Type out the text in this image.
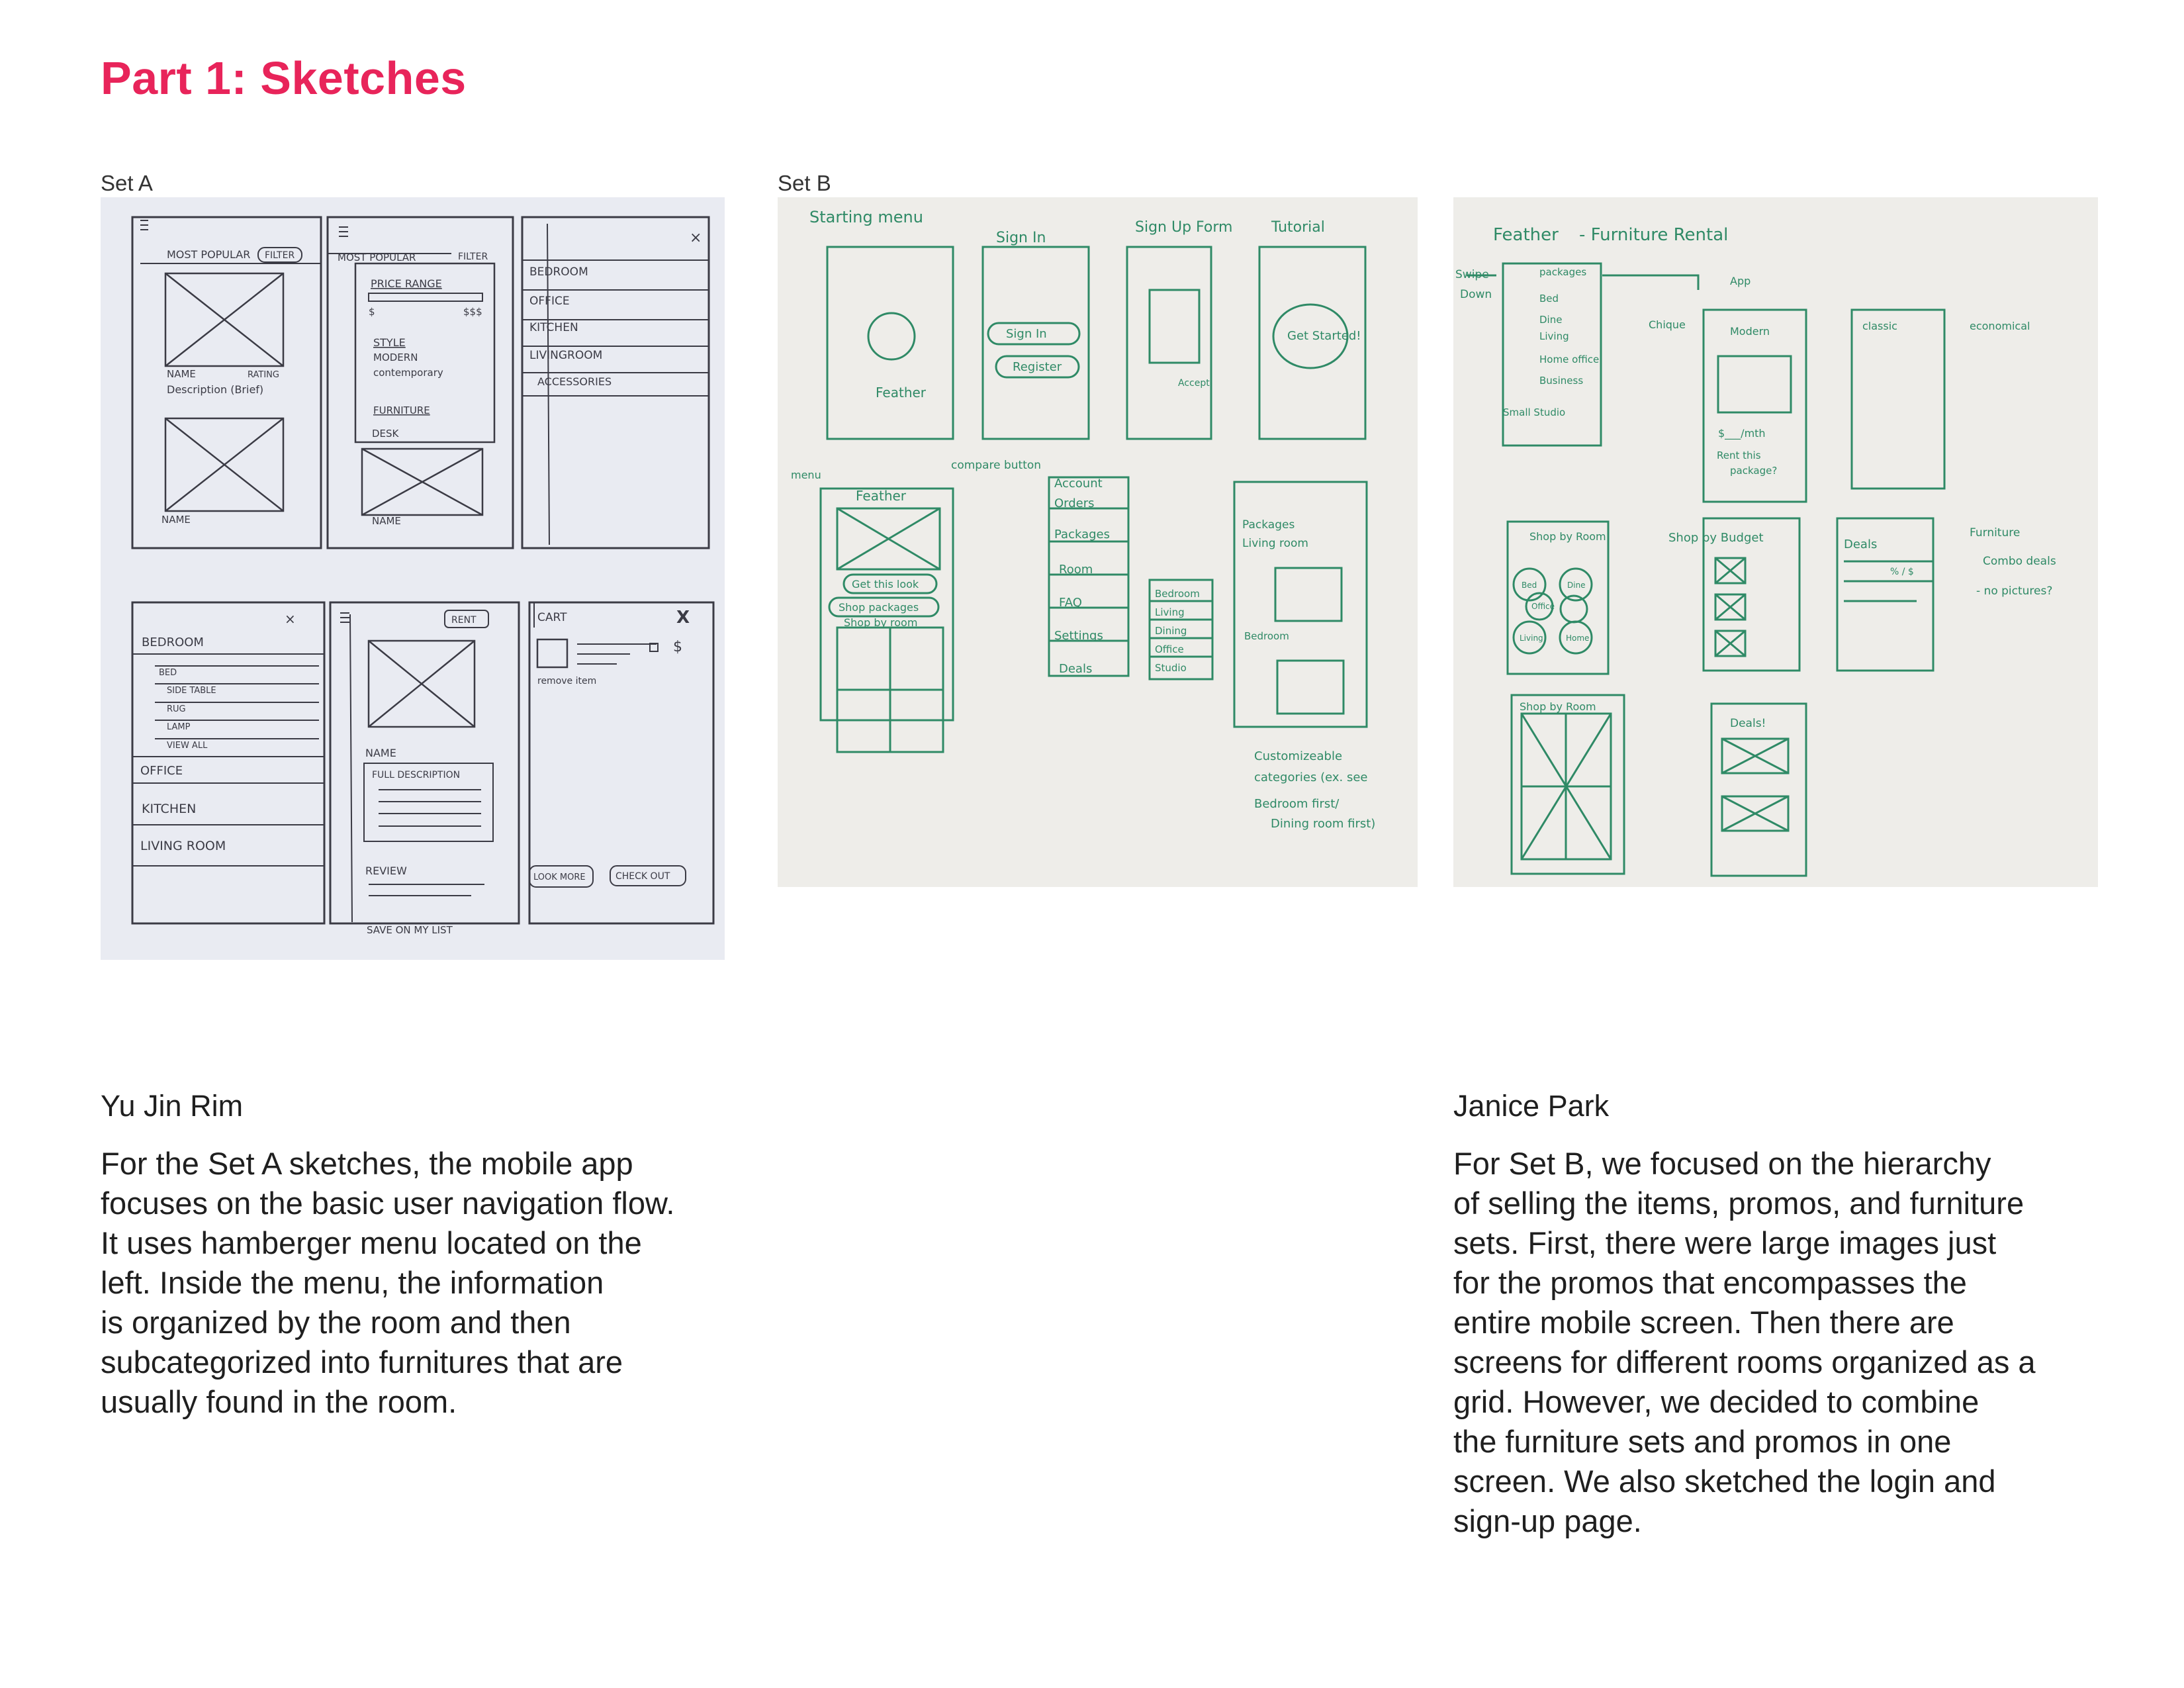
Part 1: Sketches
Set A	Set B
MOST POPULAR FILTER
NAME	RATING
Description (Brief)
NAME
MOST POPULAR	FILTER
PRICE RANGE
$	$$$
STYLE
MODERN
contemporary
FURNITURE
DESK
NAME
×
BEDROOM
OFFICE
KITCHEN
LIVINGROOM
ACCESSORIES
×
BEDROOM
BED
SIDE TABLE
RUG
LAMP
VIEW ALL
OFFICE
KITCHEN
LIVING ROOM
RENT
NAME
FULL DESCRIPTION
REVIEW
SAVE ON MY LIST
CART	X
$
remove item
LOOK MORE	CHECK OUT
Starting menu
Feather
Sign In
Sign In
Register
Sign Up Form
Accept
Tutorial
Get Started!
menu
compare button
Feather
Get this look
Shop packages
Shop by room
Account
Orders
Packages
Room
FAQ
Settings
Deals
Bedroom
Living
Dining
Office
Studio
Packages
Living room
Bedroom
Customizeable
categories (ex. see
Bedroom first/
Dining room first)
Feather - Furniture Rental
Swipe
Down
packages
Bed
Dine
Living
Home office
Business
Small Studio
App
Chique
Modern	classic	economical
$___/mth
Rent this
package?
Shop by Room
Bed	Dine
Office
Living	Home
Shop by Budget	Deals
% / $
Furniture
Combo deals
- no pictures?
Shop by Room
Deals!
Yu Jin Rim
For the Set A sketches, the mobile app
focuses on the basic user navigation flow.
It uses hamberger menu located on the
left. Inside the menu, the information
is organized by the room and then
subcategorized into furnitures that are
usually found in the room.
Janice Park
For Set B, we focused on the hierarchy
of selling the items, promos, and furniture
sets. First, there were large images just
for the promos that encompasses the
entire mobile screen. Then there are
screens for different rooms organized as a
grid. However, we decided to combine
the furniture sets and promos in one
screen. We also sketched the login and
sign-up page.
